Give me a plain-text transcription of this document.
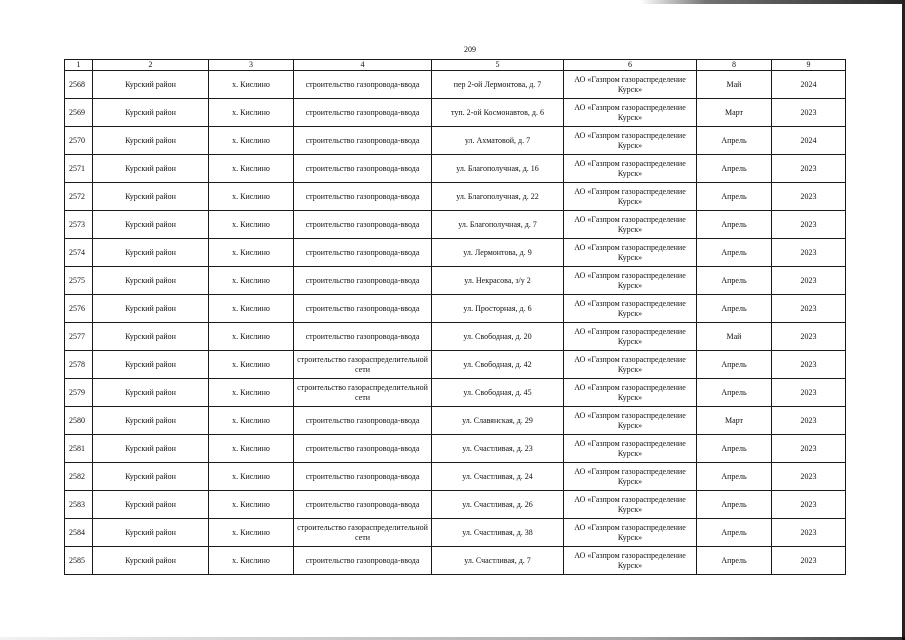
209
1	2	3	4	5	6	8	9
2568	Курский район	х. Кислино	строительство газопровода-ввода	пер 2-ой Лермонтова, д. 7	АО «Газпром газораспределение Курск»	Май	2024
2569	Курский район	х. Кислино	строительство газопровода-ввода	туп. 2-ой Космонавтов, д. 6	АО «Газпром газораспределение Курск»	Март	2023
2570	Курский район	х. Кислино	строительство газопровода-ввода	ул. Ахматовой, д. 7	АО «Газпром газораспределение Курск»	Апрель	2024
2571	Курский район	х. Кислино	строительство газопровода-ввода	ул. Благополучная, д. 16	АО «Газпром газораспределение Курск»	Апрель	2023
2572	Курский район	х. Кислино	строительство газопровода-ввода	ул. Благополучная, д. 22	АО «Газпром газораспределение Курск»	Апрель	2023
2573	Курский район	х. Кислино	строительство газопровода-ввода	ул. Благополучная, д. 7	АО «Газпром газораспределение Курск»	Апрель	2023
2574	Курский район	х. Кислино	строительство газопровода-ввода	ул. Лермонтова, д. 9	АО «Газпром газораспределение Курск»	Апрель	2023
2575	Курский район	х. Кислино	строительство газопровода-ввода	ул. Некрасова, з/у 2	АО «Газпром газораспределение Курск»	Апрель	2023
2576	Курский район	х. Кислино	строительство газопровода-ввода	ул. Просторная, д. 6	АО «Газпром газораспределение Курск»	Апрель	2023
2577	Курский район	х. Кислино	строительство газопровода-ввода	ул. Свободная, д. 20	АО «Газпром газораспределение Курск»	Май	2023
2578	Курский район	х. Кислино	строительство газораспределительной сети	ул. Свободная, д. 42	АО «Газпром газораспределение Курск»	Апрель	2023
2579	Курский район	х. Кислино	строительство газораспределительной сети	ул. Свободная, д. 45	АО «Газпром газораспределение Курск»	Апрель	2023
2580	Курский район	х. Кислино	строительство газопровода-ввода	ул. Славянская, д. 29	АО «Газпром газораспределение Курск»	Март	2023
2581	Курский район	х. Кислино	строительство газопровода-ввода	ул. Счастливая, д. 23	АО «Газпром газораспределение Курск»	Апрель	2023
2582	Курский район	х. Кислино	строительство газопровода-ввода	ул. Счастливая, д. 24	АО «Газпром газораспределение Курск»	Апрель	2023
2583	Курский район	х. Кислино	строительство газопровода-ввода	ул. Счастливая, д. 26	АО «Газпром газораспределение Курск»	Апрель	2023
2584	Курский район	х. Кислино	строительство газораспределительной сети	ул. Счастливая, д. 38	АО «Газпром газораспределение Курск»	Апрель	2023
2585	Курский район	х. Кислино	строительство газопровода-ввода	ул. Счастливая, д. 7	АО «Газпром газораспределение Курск»	Апрель	2023
